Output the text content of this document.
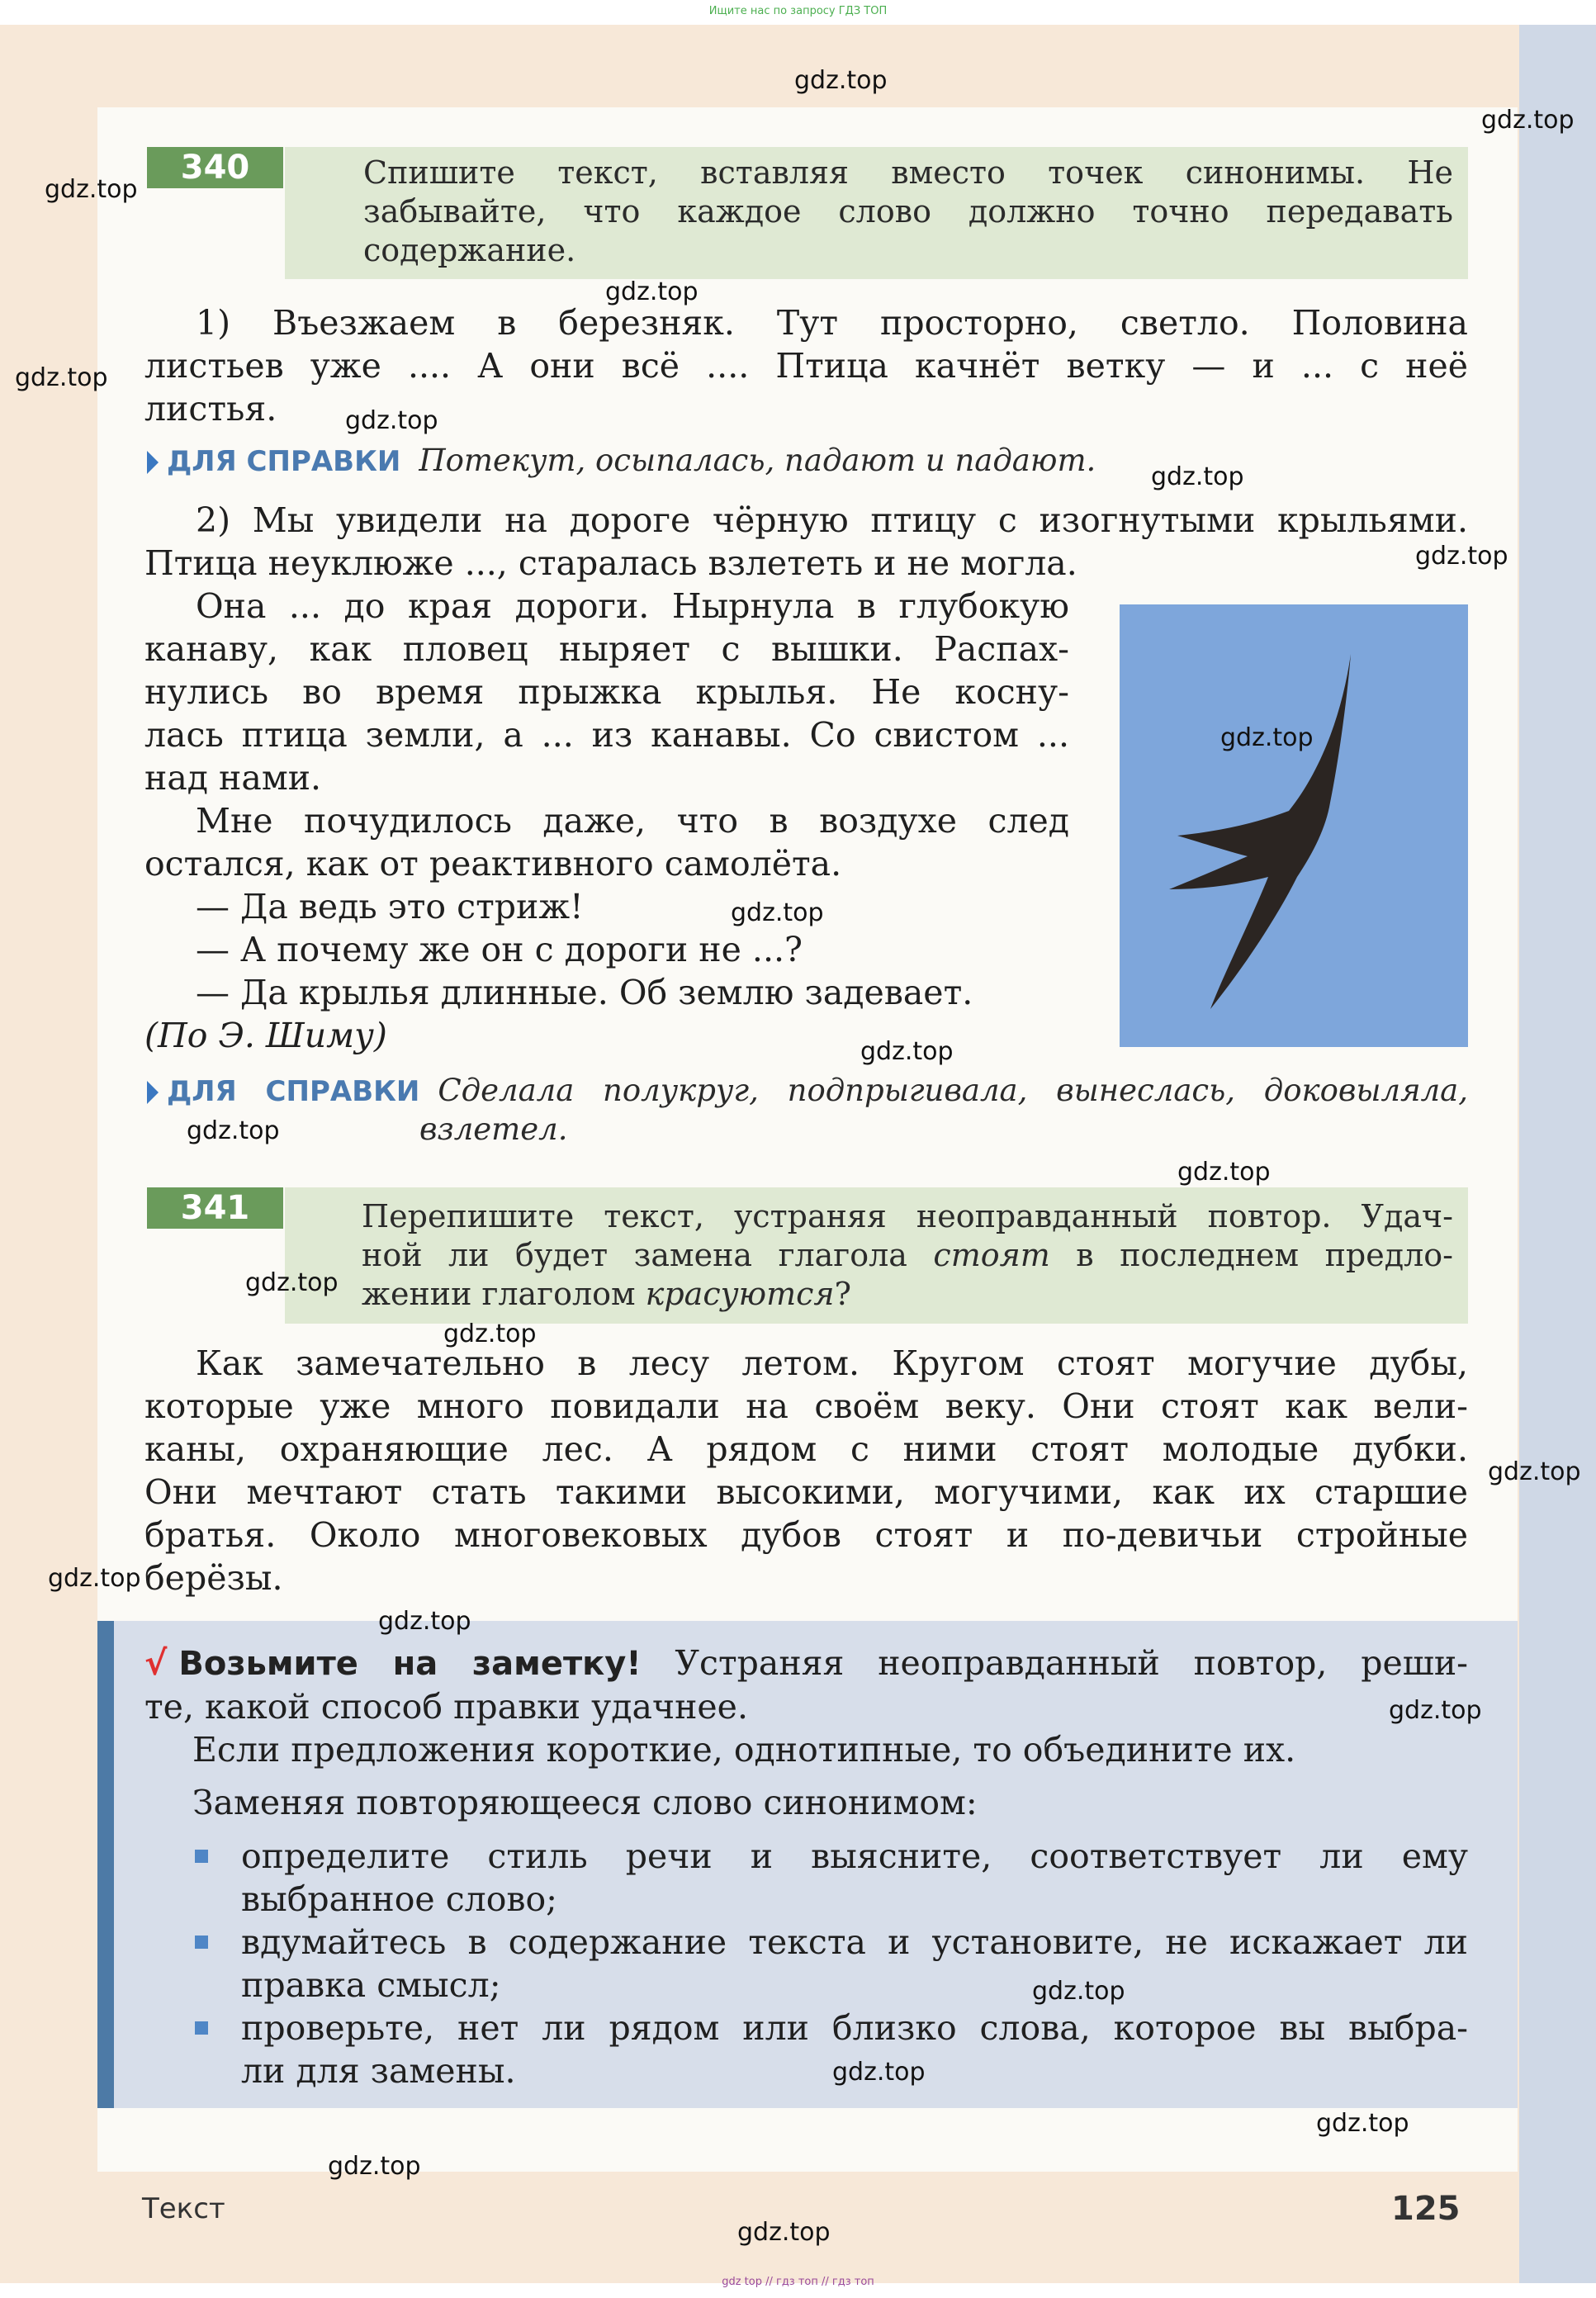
Ищите нас по запросу ГДЗ ТОП
340	Спишите текст, вставляя вместо точек синонимы. Не
забывайте, что каждое слово должно точно передавать
содержание.
1) Въезжаем в березняк. Тут просторно, светло. Половина
листьев уже .... А они всё .... Птица качнёт ветку — и ... с неё
листья.
ДЛЯ СПРАВКИ Потекут, осыпалась, падают и падают.
2) Мы увидели на дороге чёрную птицу с изогнутыми крыльями.
Птица неуклюже ..., старалась взлететь и не могла.
Она ... до края дороги. Нырнула в глубокую
канаву, как пловец ныряет с вышки. Распах-
нулись во время прыжка крылья. Не косну-
лась птица земли, а ... из канавы. Со свистом ...
над нами.
Мне почудилось даже, что в воздухе след
остался, как от реактивного самолёта.
— Да ведь это стриж!
— А почему же он с дороги не ...?
— Да крылья длинные. Об землю задевает.
(По Э. Шиму)
ДЛЯ СПРАВКИ Сделала полукруг, подпрыгивала, вынеслась, доковыляла,
взлетел.
341	Перепишите текст, устраняя неоправданный повтор. Удач-
ной ли будет замена глагола стоят в последнем предло-
жении глаголом красуются?
Как замечательно в лесу летом. Кругом стоят могучие дубы,
которые уже много повидали на своём веку. Они стоят как вели-
каны, охраняющие лес. А рядом с ними стоят молодые дубки.
Они мечтают стать такими высокими, могучими, как их старшие
братья. Около многовековых дубов стоят и по-девичьи стройные
берёзы.
√ Возьмите на заметку! Устраняя неоправданный повтор, реши-
те, какой способ правки удачнее.
Если предложения короткие, однотипные, то объедините их.
Заменяя повторяющееся слово синонимом:
определите стиль речи и выясните, соответствует ли ему
выбранное слово;
вдумайтесь в содержание текста и установите, не искажает ли
правка смысл;
проверьте, нет ли рядом или близко слова, которое вы выбра-
ли для замены.
Текст	125
gdz top // гдз топ // гдз топ
gdz.top
gdz.top
gdz.top
gdz.top
gdz.top
gdz.top
gdz.top
gdz.top
gdz.top
gdz.top
gdz.top
gdz.top
gdz.top
gdz.top
gdz.top
gdz.top
gdz.top
gdz.top
gdz.top
gdz.top
gdz.top
gdz.top
gdz.top
gdz.top
